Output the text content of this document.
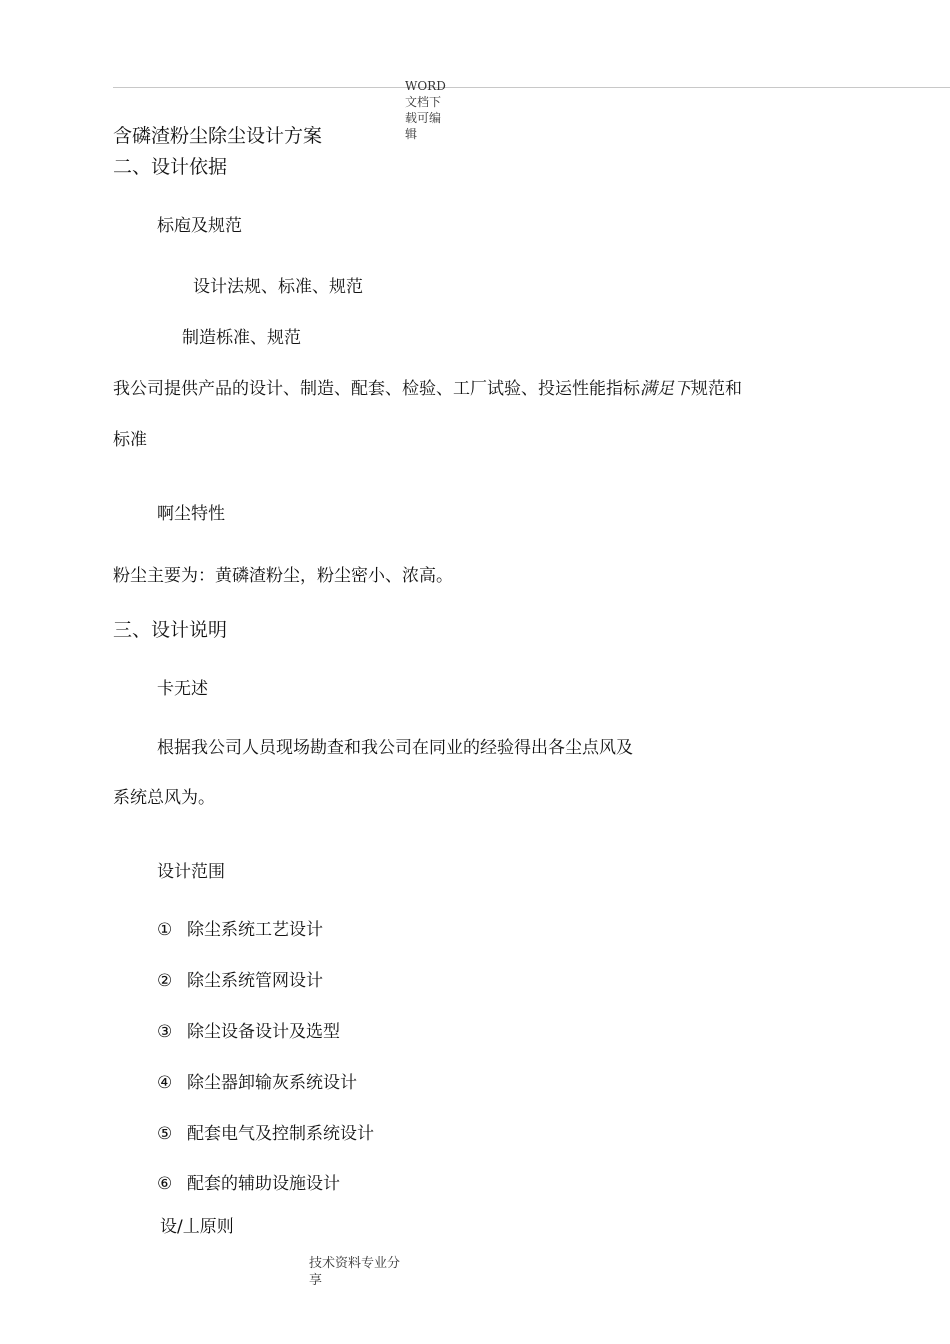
WORD
文档下
载可编
辑
含磷渣粉尘除尘设计方案
二、设计依据
标庖及规范
设计法规、标准、规范
制造栎准、规范
我公司提供产品的设计、制造、配套、检验、工厂试验、投运性能指标满足下规范和
标准
啊尘特性
粉尘主要为：黄磷渣粉尘，粉尘密小、浓高。
三、设计说明
卡无述
根据我公司人员现场勘查和我公司在同业的经验得出各尘点风及
系统总风为。
设计范围
① 除尘系统工艺设计
② 除尘系统管网设计
③ 除尘设备设计及选型
④ 除尘器卸输灰系统设计
⑤ 配套电气及控制系统设计
⑥ 配套的辅助设施设计
设/丄原则
技术资料专业分享
